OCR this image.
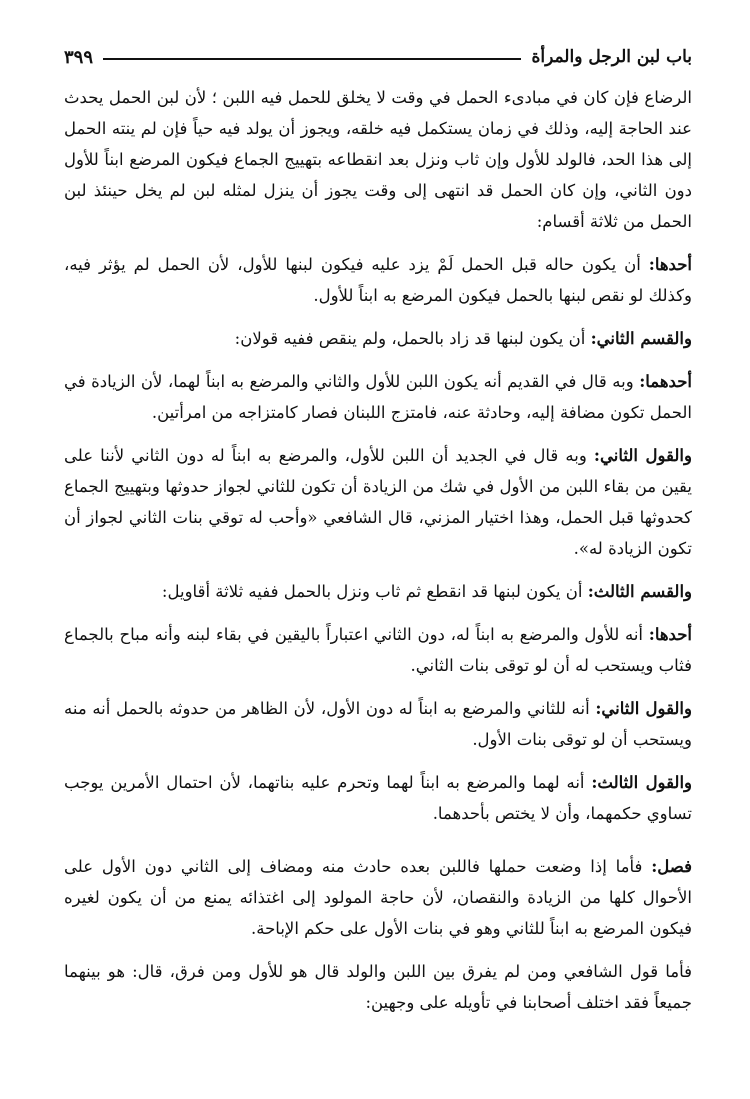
باب لبن الرجل والمرأة
٣٩٩

الرضاع فإن كان في مبادىء الحمل في وقت لا يخلق للحمل فيه اللبن ؛ لأن لبن الحمل يحدث عند الحاجة إليه، وذلك في زمان يستكمل فيه خلقه، ويجوز أن يولد فيه حياً فإن لم ينته الحمل إلى هذا الحد، فالولد للأول وإن ثاب ونزل بعد انقطاعه بتهييج الجماع فيكون المرضع ابناً للأول دون الثاني، وإن كان الحمل قد انتهى إلى وقت يجوز أن ينزل لمثله لبن لم يخل حينئذ لبن الحمل من ثلاثة أقسام:

أحدها: أن يكون حاله قبل الحمل لَمْ يزد عليه فيكون لبنها للأول، لأن الحمل لم يؤثر فيه، وكذلك لو نقص لبنها بالحمل فيكون المرضع به ابناً للأول.

والقسم الثاني: أن يكون لبنها قد زاد بالحمل، ولم ينقص ففيه قولان:

أحدهما: وبه قال في القديم أنه يكون اللبن للأول والثاني والمرضع به ابناً لهما، لأن الزيادة في الحمل تكون مضافة إليه، وحادثة عنه، فامتزج اللبنان فصار كامتزاجه من امرأتين.

والقول الثاني: وبه قال في الجديد أن اللبن للأول، والمرضع به ابناً له دون الثاني لأننا على يقين من بقاء اللبن من الأول في شك من الزيادة أن تكون للثاني لجواز حدوثها وبتهييج الجماع كحدوثها قبل الحمل، وهذا اختيار المزني، قال الشافعي «وأحب له توقي بنات الثاني لجواز أن تكون الزيادة له».

والقسم الثالث: أن يكون لبنها قد انقطع ثم ثاب ونزل بالحمل ففيه ثلاثة أقاويل:

أحدها: أنه للأول والمرضع به ابناً له، دون الثاني اعتباراً باليقين في بقاء لبنه وأنه مباح بالجماع فثاب ويستحب له أن لو توقى بنات الثاني.

والقول الثاني: أنه للثاني والمرضع به ابناً له دون الأول، لأن الظاهر من حدوثه بالحمل أنه منه ويستحب أن لو توقى بنات الأول.

والقول الثالث: أنه لهما والمرضع به ابناً لهما وتحرم عليه بناتهما، لأن احتمال الأمرين يوجب تساوي حكمهما، وأن لا يختص بأحدهما.

فصل: فأما إذا وضعت حملها فاللبن بعده حادث منه ومضاف إلى الثاني دون الأول على الأحوال كلها من الزيادة والنقصان، لأن حاجة المولود إلى اغتذائه يمنع من أن يكون لغيره فيكون المرضع به ابناً للثاني وهو في بنات الأول على حكم الإباحة.

فأما قول الشافعي ومن لم يفرق بين اللبن والولد قال هو للأول ومن فرق، قال: هو بينهما جميعاً فقد اختلف أصحابنا في تأويله على وجهين:
